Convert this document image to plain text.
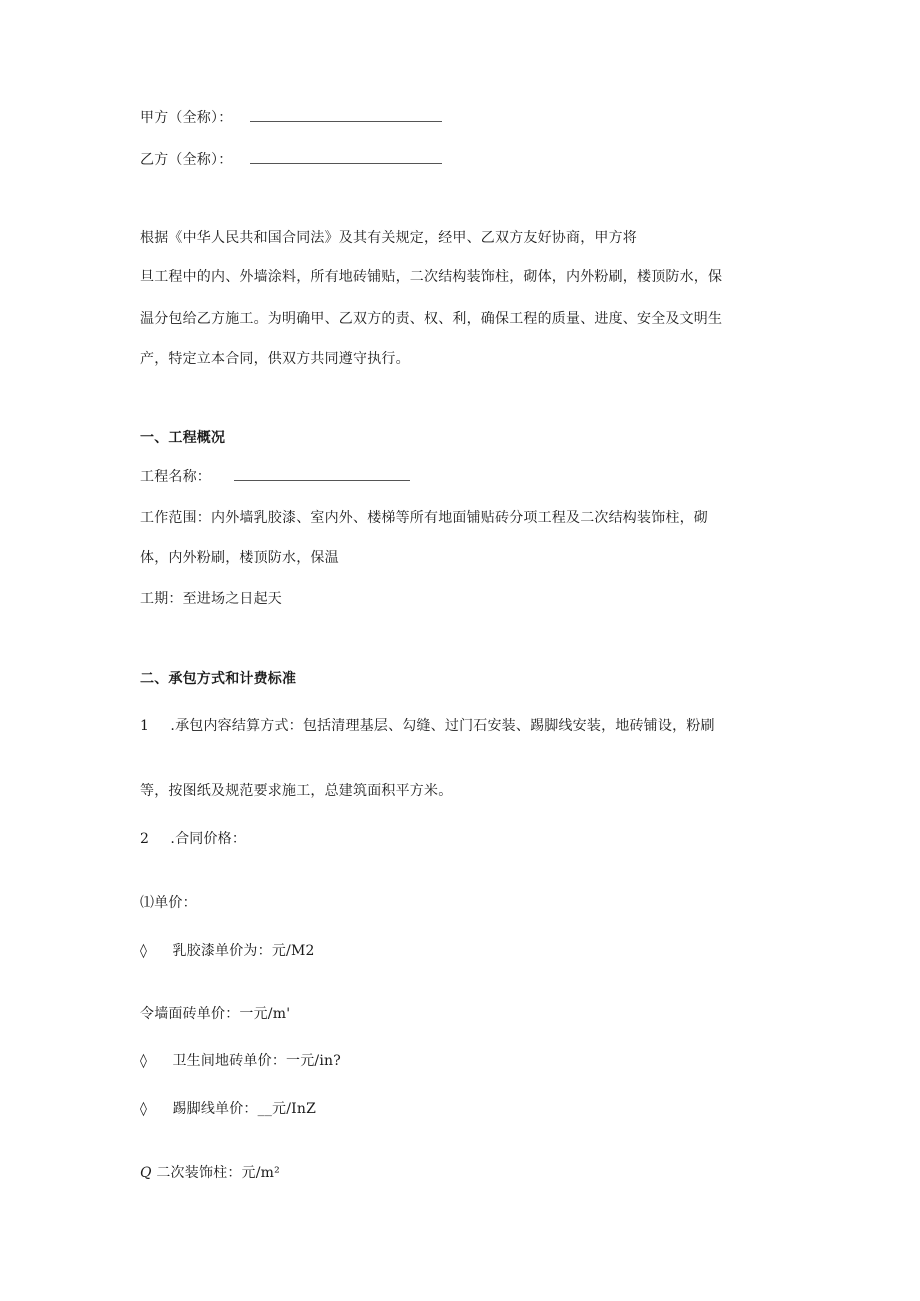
甲方（全称）：
乙方（全称）：
根据《中华人民共和国合同法》及其有关规定，经甲、乙双方友好协商，甲方将
旦工程中的内、外墙涂料，所有地砖铺贴，二次结构装饰柱，砌体，内外粉刷，楼顶防水，保
温分包给乙方施工。为明确甲、乙双方的责、权、利，确保工程的质量、进度、安全及文明生
产，特定立本合同，供双方共同遵守执行。
一、工程概况
工程名称：
工作范围：内外墙乳胶漆、室内外、楼梯等所有地面铺贴砖分项工程及二次结构装饰柱，砌
体，内外粉刷，楼顶防水，保温
工期：至进场之日起天
二、承包方式和计费标准
1 .承包内容结算方式：包括清理基层、勾缝、过门石安装、踢脚线安装，地砖铺设，粉刷
等，按图纸及规范要求施工，总建筑面积平方米。
2 .合同价格：
⑴单价：
◊ 乳胶漆单价为：元/M2
令墙面砖单价：一元/m'
◊ 卫生间地砖单价：一元/in?
◊ 踢脚线单价：__元/InZ
Q 二次装饰柱：元/m²
